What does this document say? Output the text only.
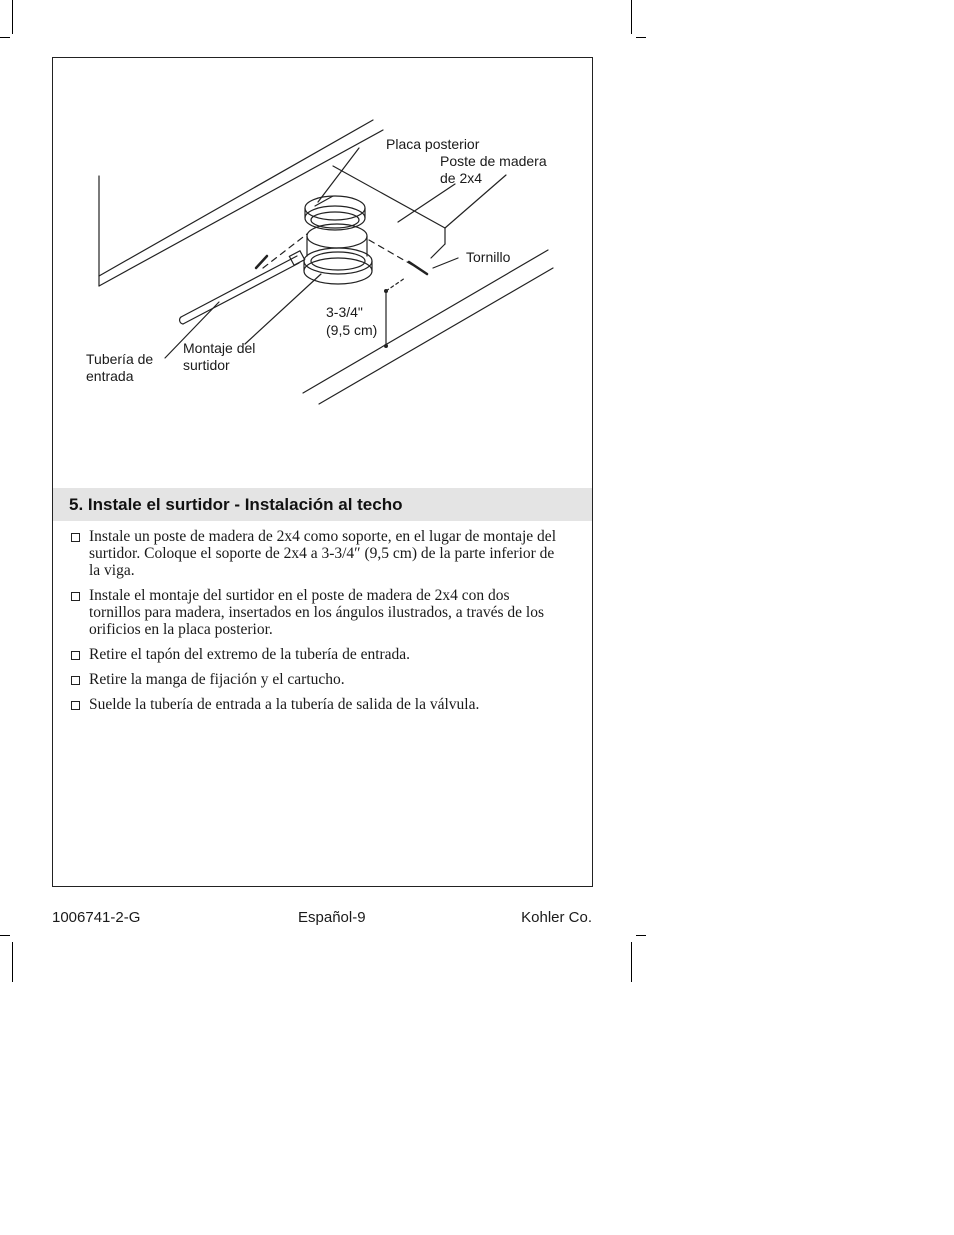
Placa posterior
Poste de madera
de 2x4
Tornillo
3-3/4"
(9,5 cm)
Tubería de
entrada
Montaje del
surtidor
5. Instale el surtidor - Instalación al techo
Instale un poste de madera de 2x4 como soporte, en el lugar de montaje del surtidor. Coloque el soporte de 2x4 a 3-3/4″ (9,5 cm) de la parte inferior de la viga.
Instale el montaje del surtidor en el poste de madera de 2x4 con dos tornillos para madera, insertados en los ángulos ilustrados, a través de los orificios en la placa posterior.
Retire el tapón del extremo de la tubería de entrada.
Retire la manga de fijación y el cartucho.
Suelde la tubería de entrada a la tubería de salida de la válvula.
1006741-2-G	Español-9	Kohler Co.
